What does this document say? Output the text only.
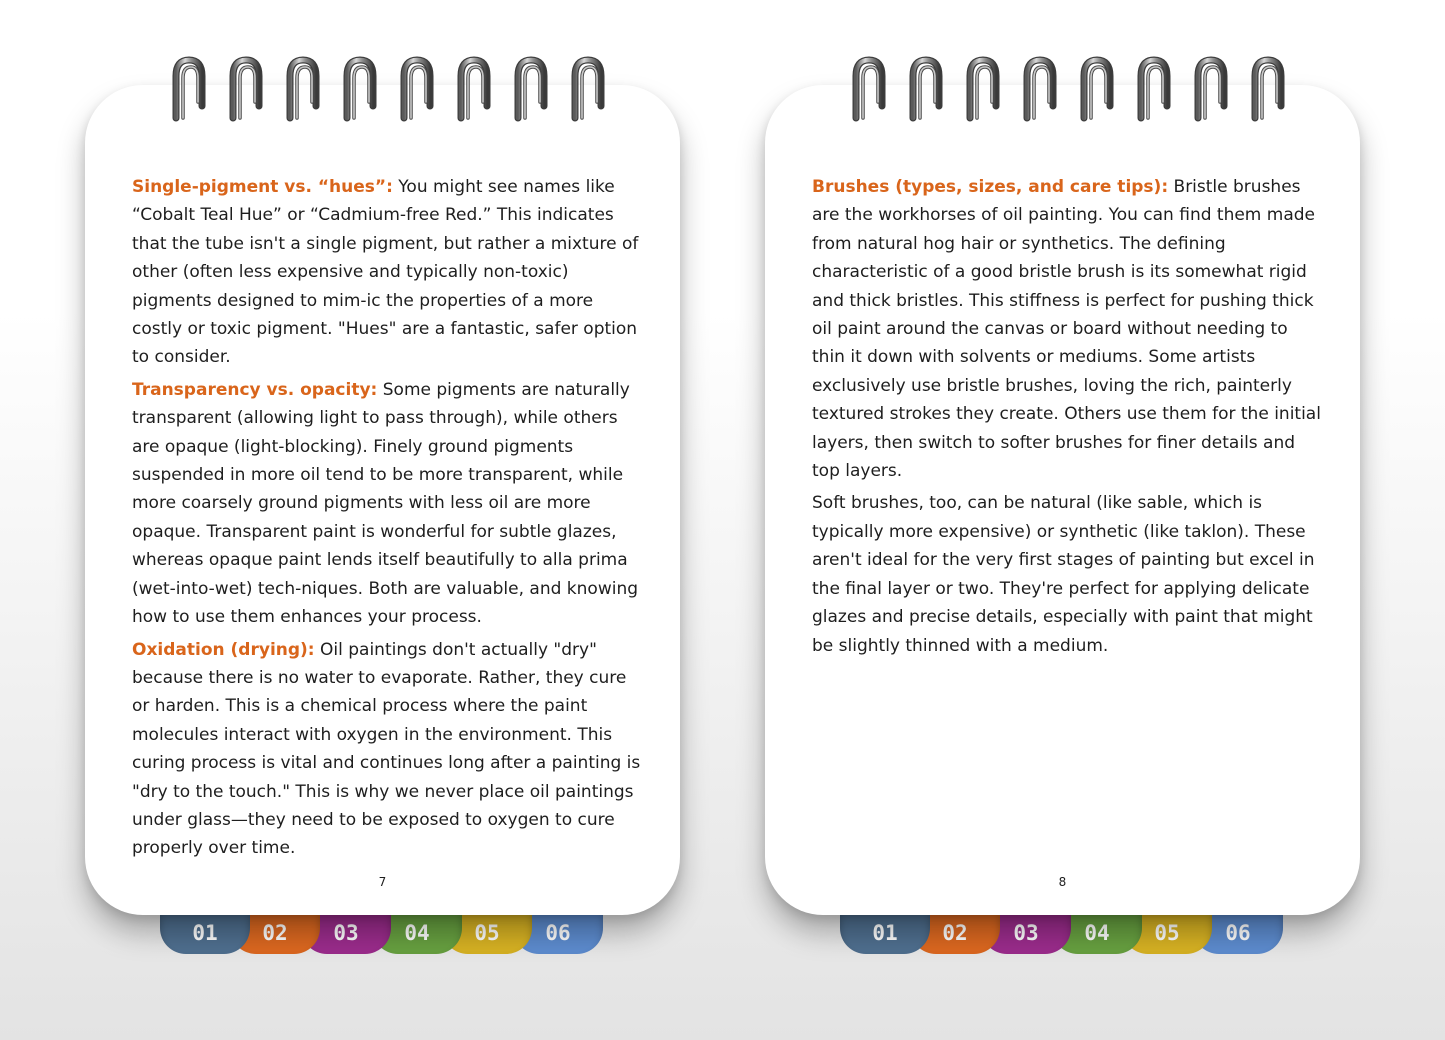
Single-pigment vs. “hues”: You might see names like “Cobalt Teal Hue” or “Cadmium-free Red.” This indicates that the tube isn't a single pigment, but rather a mixture of other (often less expensive and typically non-toxic) pigments designed to mim-ic the properties of a more costly or toxic pigment. "Hues" are a fantastic, safer option to consider.

Transparency vs. opacity: Some pigments are naturally transparent (allowing light to pass through), while others are opaque (light-blocking). Finely ground pigments suspended in more oil tend to be more transparent, while more coarsely ground pigments with less oil are more opaque. Transparent paint is wonderful for subtle glazes, whereas opaque paint lends itself beautifully to alla prima (wet-into-wet) tech-niques. Both are valuable, and knowing how to use them enhances your process.

Oxidation (drying): Oil paintings don't actually "dry" because there is no water to evaporate. Rather, they cure or harden. This is a chemical process where the paint molecules interact with oxygen in the environment. This curing process is vital and continues long after a painting is "dry to the touch." This is why we never place oil paintings under glass—they need to be exposed to oxygen to cure properly over time.

7
01	02	03	04	05	06

Brushes (types, sizes, and care tips): Bristle brushes are the workhorses of oil painting. You can find them made from natural hog hair or synthetics. The defining characteristic of a good bristle brush is its somewhat rigid and thick bristles. This stiffness is perfect for pushing thick oil paint around the canvas or board without needing to thin it down with solvents or mediums. Some artists exclusively use bristle brushes, loving the rich, painterly textured strokes they create. Others use them for the initial layers, then switch to softer brushes for finer details and top layers.

Soft brushes, too, can be natural (like sable, which is typically more expensive) or synthetic (like taklon). These aren't ideal for the very first stages of painting but excel in the final layer or two. They're perfect for applying delicate glazes and precise details, especially with paint that might be slightly thinned with a medium.

8
01	02	03	04	05	06
